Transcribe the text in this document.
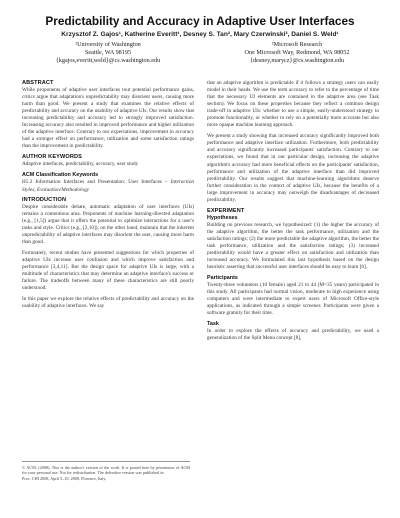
Predictability and Accuracy in Adaptive User Interfaces
Krzysztof Z. Gajos¹, Katherine Everitt¹, Desney S. Tan², Mary Czerwinski², Daniel S. Weld¹
¹University of Washington
Seattle, WA 98195
{kgajos,everitt,weld}@cs.washington.edu
²Microsoft Research
One Microsoft Way, Redmond, WA 98052
{desney,marycz}@cs.washington.edu
ABSTRACT

While proponents of adaptive user interfaces tout potential performance gains, critics argue that adaptation's unpredictability may disorient users, causing more harm than good. We present a study that examines the relative effects of predictability and accuracy on the usability of adaptive UIs. Our results show that increasing predictability and accuracy led to strongly improved satisfaction. Increasing accuracy also resulted in improved performance and higher utilization of the adaptive interface. Contrary to our expectations, improvement in accuracy had a stronger effect on performance, utilization and some satisfaction ratings than the improvement in predictability.

AUTHOR KEYWORDS

Adaptive interfaces, predictability, accuracy, user study

ACM Classification Keywords

H5.2 Information Interfaces and Presentation: User Interfaces – Interaction Styles, Evaluation/Methodology

INTRODUCTION

Despite considerable debate, automatic adaptation of user interfaces (UIs) remains a contentious area. Proponents of machine learning-directed adaptation (e.g., [1,5]) argue that it offers the potential to optimize interactions for a user's tasks and style. Critics (e.g., [2,10]), on the other hand, maintain that the inherent unpredictability of adaptive interfaces may disorient the user, causing more harm than good.

Fortunately, recent studies have presented suggestions for which properties of adaptive UIs increase user confusion and which improve satisfaction and performance [3,4,11]. But the design space for adaptive UIs is large, with a multitude of characteristics that may determine an adaptive interface's success or failure. The tradeoffs between many of these characteristics are still poorly understood.

In this paper we explore the relative effects of predictability and accuracy on the usability of adaptive interfaces. We say

© ACM, (2008). This is the author's version of the work. It is posted here by permission of ACM for your personal use. Not for redistribution. The definitive version was published in
Proc. CHI 2008, April 5–10, 2008, Florence, Italy.

that an adaptive algorithm is predictable if it follows a strategy users can easily model in their heads. We use the term accuracy to refer to the percentage of time that the necessary UI elements are contained in the adaptive area (see Task section). We focus on these properties because they reflect a common design trade-off in adaptive UIs: whether to use a simple, easily-understood strategy to promote functionality, or whether to rely on a potentially more accurate but also more opaque machine learning approach.

We present a study showing that increased accuracy significantly improved both performance and adaptive interface utilization. Furthermore, both predictability and accuracy significantly increased participants' satisfaction. Contrary to our expectations, we found that in our particular design, increasing the adaptive algorithm's accuracy had more beneficial effects on the participants' satisfaction, performance and utilization of the adaptive interface than did improved predictability. Our results suggest that machine-learning algorithms deserve further consideration in the context of adaptive UIs, because the benefits of a large improvement in accuracy may outweigh the disadvantages of decreased predictability.

EXPERIMENT
Hypotheses

Building on previous research, we hypothesized: (1) the higher the accuracy of the adaptive algorithm, the better the task performance, utilization and the satisfaction ratings; (2) the more predictable the adaptive algorithm, the better the task performance, utilization and the satisfaction ratings; (3) increased predictability would have a greater effect on satisfaction and utilization than increased accuracy. We formulated this last hypothesis based on the design heuristic asserting that successful user interfaces should be easy to learn [6].

Participants

Twenty-three volunteers (10 female) aged 21 to 44 (M=35 years) participated in this study. All participants had normal vision, moderate to high experience using computers and were intermediate to expert users of Microsoft Office-style applications, as indicated through a simple screener. Participants were given a software gratuity for their time.

Task

In order to explore the effects of accuracy and predictability, we used a generalization of the Split Menu concept [8],
